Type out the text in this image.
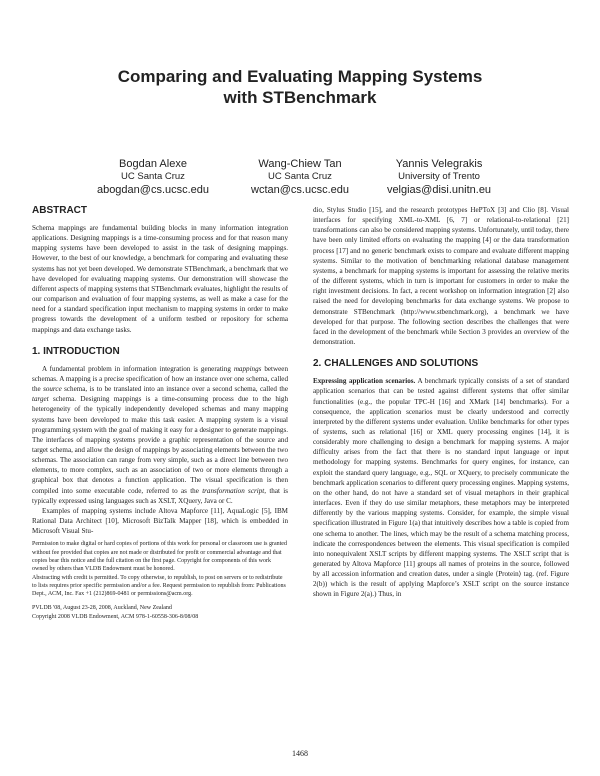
Comparing and Evaluating Mapping Systems
with STBenchmark
Bogdan Alexe
UC Santa Cruz
abogdan@cs.ucsc.edu
Wang-Chiew Tan
UC Santa Cruz
wctan@cs.ucsc.edu
Yannis Velegrakis
University of Trento
velgias@disi.unitn.eu
ABSTRACT

Schema mappings are fundamental building blocks in many information integration applications. Designing mappings is a time-consuming process and for that reason many mapping systems have been developed to assist in the task of designing mappings. However, to the best of our knowledge, a benchmark for comparing and evaluating these systems has not yet been developed. We demonstrate STBenchmark, a benchmark that we have developed for evaluating mapping systems. Our demonstration will showcase the different aspects of mapping systems that STBenchmark evaluates, highlight the results of our comparison and evaluation of four mapping systems, as well as make a case for the need for a standard specification input mechanism to mapping systems in order to make progress towards the development of a uniform testbed or repository for schema mappings and data exchange tasks.

1. INTRODUCTION

A fundamental problem in information integration is generating mappings between schemas. A mapping is a precise specification of how an instance over one schema, called the source schema, is to be translated into an instance over a second schema, called the target schema. Designing mappings is a time-consuming process due to the high heterogeneity of the typically independently developed schemas and many mapping systems have been developed to make this task easier. A mapping system is a visual programming system with the goal of making it easy for a designer to generate mappings. The interfaces of mapping systems provide a graphic representation of the source and target schema, and allow the design of mappings by associating elements between the two schemas. The association can range from very simple, such as a direct line between two elements, to more complex, such as an association of two or more elements through a graphical box that denotes a function application. The visual specification is then compiled into some executable code, referred to as the transformation script, that is typically expressed using languages such as XSLT, XQuery, Java or C.

Examples of mapping systems include Altova Mapforce [11], AquaLogic [5], IBM Rational Data Architect [10], Microsoft BizTalk Mapper [18], which is embedded in Microsoft Visual Stu-

Permission to make digital or hard copies of portions of this work for personal or classroom use is granted without fee provided that copies are not made or distributed for profit or commercial advantage and that copies bear this notice and the full citation on the first page. Copyright for components of this work owned by others than VLDB Endowment must be honored.

Abstracting with credit is permitted. To copy otherwise, to republish, to post on servers or to redistribute to lists requires prior specific permission and/or a fee. Request permission to republish from: Publications Dept., ACM, Inc. Fax +1 (212)869-0481 or permissions@acm.org.

PVLDB '08, August 23-28, 2008, Auckland, New Zealand

Copyright 2008 VLDB Endowment, ACM 978-1-60558-306-8/08/08

dio, Stylus Studio [15], and the research prototypes HePToX [3] and Clio [8]. Visual interfaces for specifying XML-to-XML [6, 7] or relational-to-relational [21] transformations can also be considered mapping systems. Unfortunately, until today, there have been only limited efforts on evaluating the mapping [4] or the data transformation process [17] and no generic benchmark exists to compare and evaluate different mapping systems. Similar to the motivation of benchmarking relational database management systems, a benchmark for mapping systems is important for assessing the relative merits of the different systems, which in turn is important for customers in order to make the right investment decisions. In fact, a recent workshop on information integration [2] also raised the need for developing benchmarks for data exchange systems. We propose to demonstrate STBenchmark (http://www.stbenchmark.org), a benchmark we have developed for that purpose. The following section describes the challenges that were faced in the development of the benchmark while Section 3 provides an overview of the demonstration.

2. CHALLENGES AND SOLUTIONS

Expressing application scenarios. A benchmark typically consists of a set of standard application scenarios that can be tested against different systems that offer similar functionalities (e.g., the popular TPC-H [16] and XMark [14] benchmarks). For a consequence, the application scenarios must be clearly understood and correctly interpreted by the different systems under evaluation. Unlike benchmarks for other types of systems, such as relational [16] or XML query processing engines [14], it is considerably more challenging to design a benchmark for mapping systems. A major difficulty arises from the fact that there is no standard input language or input methodology for mapping systems. Benchmarks for query engines, for instance, can exploit the standard query language, e.g., SQL or XQuery, to precisely communicate the benchmark application scenarios to different query processing engines. Mapping systems, on the other hand, do not have a standard set of visual metaphors in their graphical interfaces. Even if they do use similar metaphors, these metaphors may be interpreted differently by the various mapping systems. Consider, for example, the simple visual specification illustrated in Figure 1(a) that intuitively describes how a table is copied from one schema to another. The lines, which may be the result of a schema matching process, indicate the correspondences between the elements. This visual specification is compiled into nonequivalent XSLT scripts by different mapping systems. The XSLT script that is generated by Altova Mapforce [11] groups all names of proteins in the source, followed by all accession information and creation dates, under a single ⟨Protein⟩ tag. (ref. Figure 2(b)) which is the result of applying Mapforce’s XSLT script on the source instance shown in Figure 2(a).) Thus, in

1468
